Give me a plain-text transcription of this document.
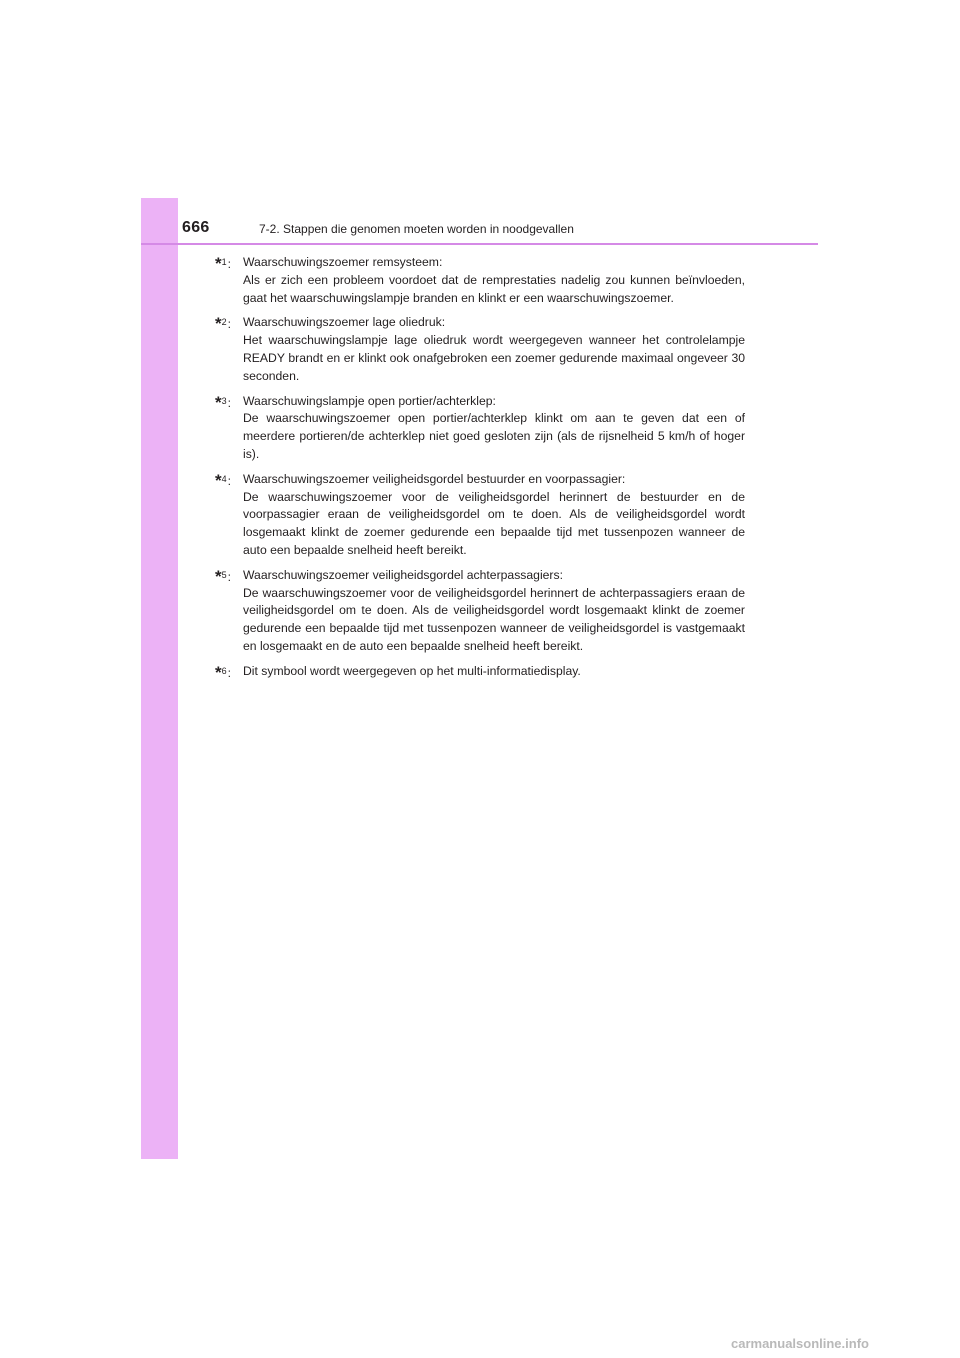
666	7-2. Stappen die genomen moeten worden in noodgevallen
*$^1$: Waarschuwingszoemer remsysteem:
Als er zich een probleem voordoet dat de remprestaties nadelig zou kunnen beïnvloeden, gaat het waarschuwingslampje branden en klinkt er een waarschuwingszoemer.
*$^2$: Waarschuwingszoemer lage oliedruk:
Het waarschuwingslampje lage oliedruk wordt weergegeven wanneer het controlelampje READY brandt en er klinkt ook onafgebroken een zoemer gedurende maximaal ongeveer 30 seconden.
*$^3$: Waarschuwingslampje open portier/achterklep:
De waarschuwingszoemer open portier/achterklep klinkt om aan te geven dat een of meerdere portieren/de achterklep niet goed gesloten zijn (als de rijsnelheid 5 km/​h of hoger is).
*$^4$: Waarschuwingszoemer veiligheidsgordel bestuurder en voorpassagier:
De waarschuwingszoemer voor de veiligheidsgordel herinnert de bestuurder en de voorpassagier eraan de veiligheidsgordel om te doen. Als de veiligheidsgordel wordt losgemaakt klinkt de zoemer gedurende een bepaalde tijd met tussenpozen wanneer de auto een bepaalde snelheid heeft bereikt.
*$^5$: Waarschuwingszoemer veiligheidsgordel achterpassagiers:
De waarschuwingszoemer voor de veiligheidsgordel herinnert de achterpassagiers eraan de veiligheidsgordel om te doen. Als de veiligheidsgordel wordt losgemaakt klinkt de zoemer gedurende een bepaalde tijd met tussenpozen wanneer de veiligheidsgordel is vastgemaakt en losgemaakt en de auto een bepaalde snelheid heeft bereikt.
*$^6$: Dit symbool wordt weergegeven op het multi-informatiedisplay.
carmanualsonline.info
